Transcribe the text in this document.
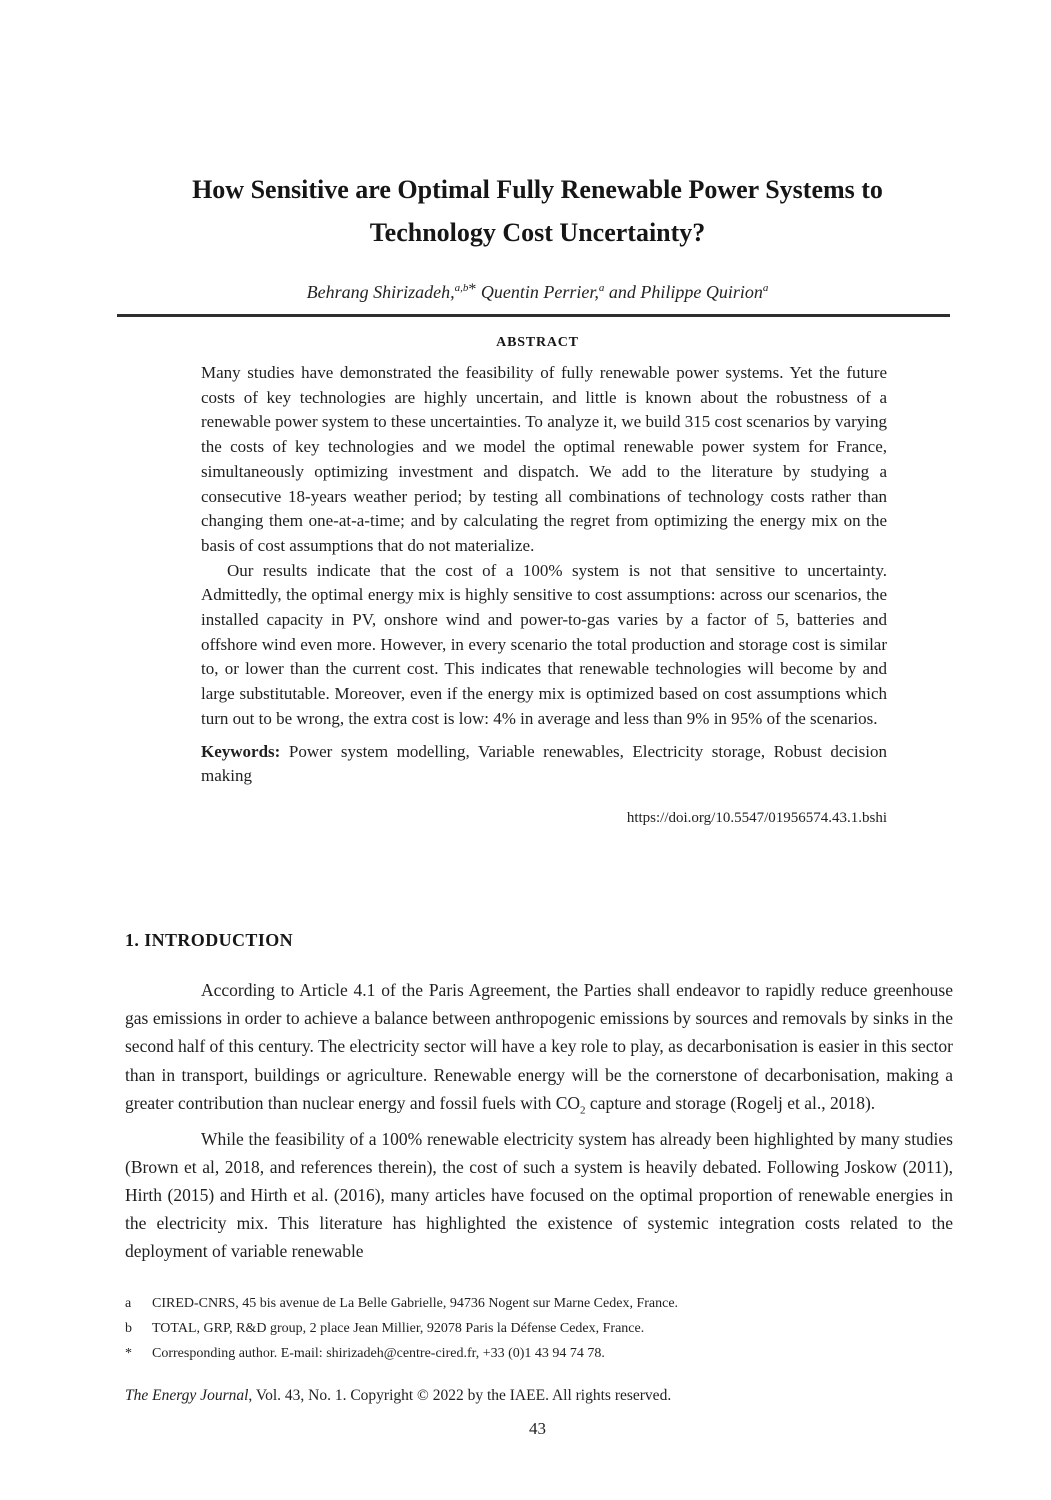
How Sensitive are Optimal Fully Renewable Power Systems to
Technology Cost Uncertainty?
Behrang Shirizadeh,$^{a,b}$* Quentin Perrier,$^a$ and Philippe Quirion$^a$
ABSTRACT

Many studies have demonstrated the feasibility of fully renewable power systems. Yet the future costs of key technologies are highly uncertain, and little is known about the robustness of a renewable power system to these uncertainties. To analyze it, we build 315 cost scenarios by varying the costs of key technologies and we model the optimal renewable power system for France, simultaneously optimizing investment and dispatch. We add to the literature by studying a consecutive 18-years weather period; by testing all combinations of technology costs rather than changing them one-at-a-time; and by calculating the regret from optimizing the energy mix on the basis of cost assumptions that do not materialize.

Our results indicate that the cost of a 100% system is not that sensitive to uncertainty. Admittedly, the optimal energy mix is highly sensitive to cost assumptions: across our scenarios, the installed capacity in PV, onshore wind and power-to-gas varies by a factor of 5, batteries and offshore wind even more. However, in every scenario the total production and storage cost is similar to, or lower than the current cost. This indicates that renewable technologies will become by and large substitutable. Moreover, even if the energy mix is optimized based on cost assumptions which turn out to be wrong, the extra cost is low: 4% in average and less than 9% in 95% of the scenarios.

Keywords: Power system modelling, Variable renewables, Electricity storage, Robust decision making

https://doi.org/10.5547/01956574.43.1.bshi

1. INTRODUCTION

According to Article 4.1 of the Paris Agreement, the Parties shall endeavor to rapidly reduce greenhouse gas emissions in order to achieve a balance between anthropogenic emissions by sources and removals by sinks in the second half of this century. The electricity sector will have a key role to play, as decarbonisation is easier in this sector than in transport, buildings or agriculture. Renewable energy will be the cornerstone of decarbonisation, making a greater contribution than nuclear energy and fossil fuels with $CO_2$ capture and storage (Rogelj et al., 2018).

While the feasibility of a 100% renewable electricity system has already been highlighted by many studies (Brown et al, 2018, and references therein), the cost of such a system is heavily debated. Following Joskow (2011), Hirth (2015) and Hirth et al. (2016), many articles have focused on the optimal proportion of renewable energies in the electricity mix. This literature has highlighted the existence of systemic integration costs related to the deployment of variable renewable

a	CIRED-CNRS, 45 bis avenue de La Belle Gabrielle, 94736 Nogent sur Marne Cedex, France.
b	TOTAL, GRP, R&D group, 2 place Jean Millier, 92078 Paris la Défense Cedex, France.
*	Corresponding author. E-mail: shirizadeh@centre-cired.fr, +33 (0)1 43 94 74 78.
The Energy Journal, Vol. 43, No. 1. Copyright © 2022 by the IAEE. All rights reserved.
43
